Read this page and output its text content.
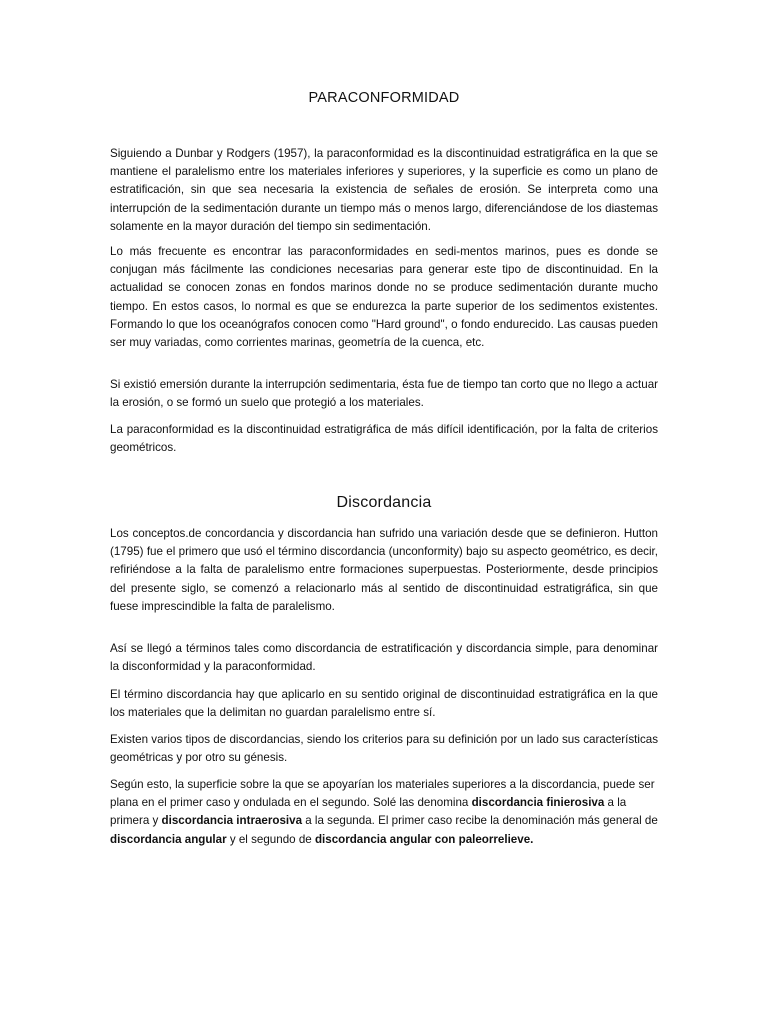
PARACONFORMIDAD

Siguiendo a Dunbar y Rodgers (1957), la paraconformidad es la discontinuidad estratigráfica en la que se mantiene el paralelismo entre los materiales inferiores y superiores, y la superficie es como un plano de estratificación, sin que sea necesaria la existencia de señales de erosión. Se interpreta como una interrupción de la sedimentación durante un tiempo más o menos largo, diferenciándose de los diastemas solamente en la mayor duración del tiempo sin sedimentación.

Lo más frecuente es encontrar las paraconformidades en sedi-mentos marinos, pues es donde se conjugan más fácilmente las condiciones necesarias para generar este tipo de discontinuidad. En la actualidad se conocen zonas en fondos marinos donde no se produce sedimentación durante mucho tiempo. En estos casos, lo normal es que se endurezca la parte superior de los sedimentos existentes. Formando lo que los oceanógrafos conocen como "Hard ground", o fondo endurecido. Las causas pueden ser muy variadas, como corrientes marinas, geometría de la cuenca, etc.

Si existió emersión durante la interrupción sedimentaria, ésta fue de tiempo tan corto que no llego a actuar la erosión, o se formó un suelo que protegió a los materiales.

La paraconformidad es la discontinuidad estratigráfica de más difícil identificación, por la falta de criterios geométricos.

Discordancia

Los conceptos.de concordancia y discordancia han sufrido una variación desde que se definieron. Hutton (1795) fue el primero que usó el término discordancia (unconformity) bajo su aspecto geométrico, es decir, refiriéndose a la falta de paralelismo entre formaciones superpuestas. Posteriormente, desde principios del presente siglo, se comenzó a relacionarlo más al sentido de discontinuidad estratigráfica, sin que fuese imprescindible la falta de paralelismo.

Así se llegó a términos tales como discordancia de estratificación y discordancia simple, para denominar la disconformidad y la paraconformidad.

El término discordancia hay que aplicarlo en su sentido original de discontinuidad estratigráfica en la que los materiales que la delimitan no guardan paralelismo entre sí.

Existen varios tipos de discordancias, siendo los criterios para su definición por un lado sus características geométricas y por otro su génesis.

Según esto, la superficie sobre la que se apoyarían los materiales superiores a la discordancia, puede ser plana en el primer caso y ondulada en el segundo. Solé las denomina discordancia finierosiva a la primera y discordancia intraerosiva a la segunda. El primer caso recibe la denominación más general de discordancia angular y el segundo de discordancia angular con paleorrelieve.
